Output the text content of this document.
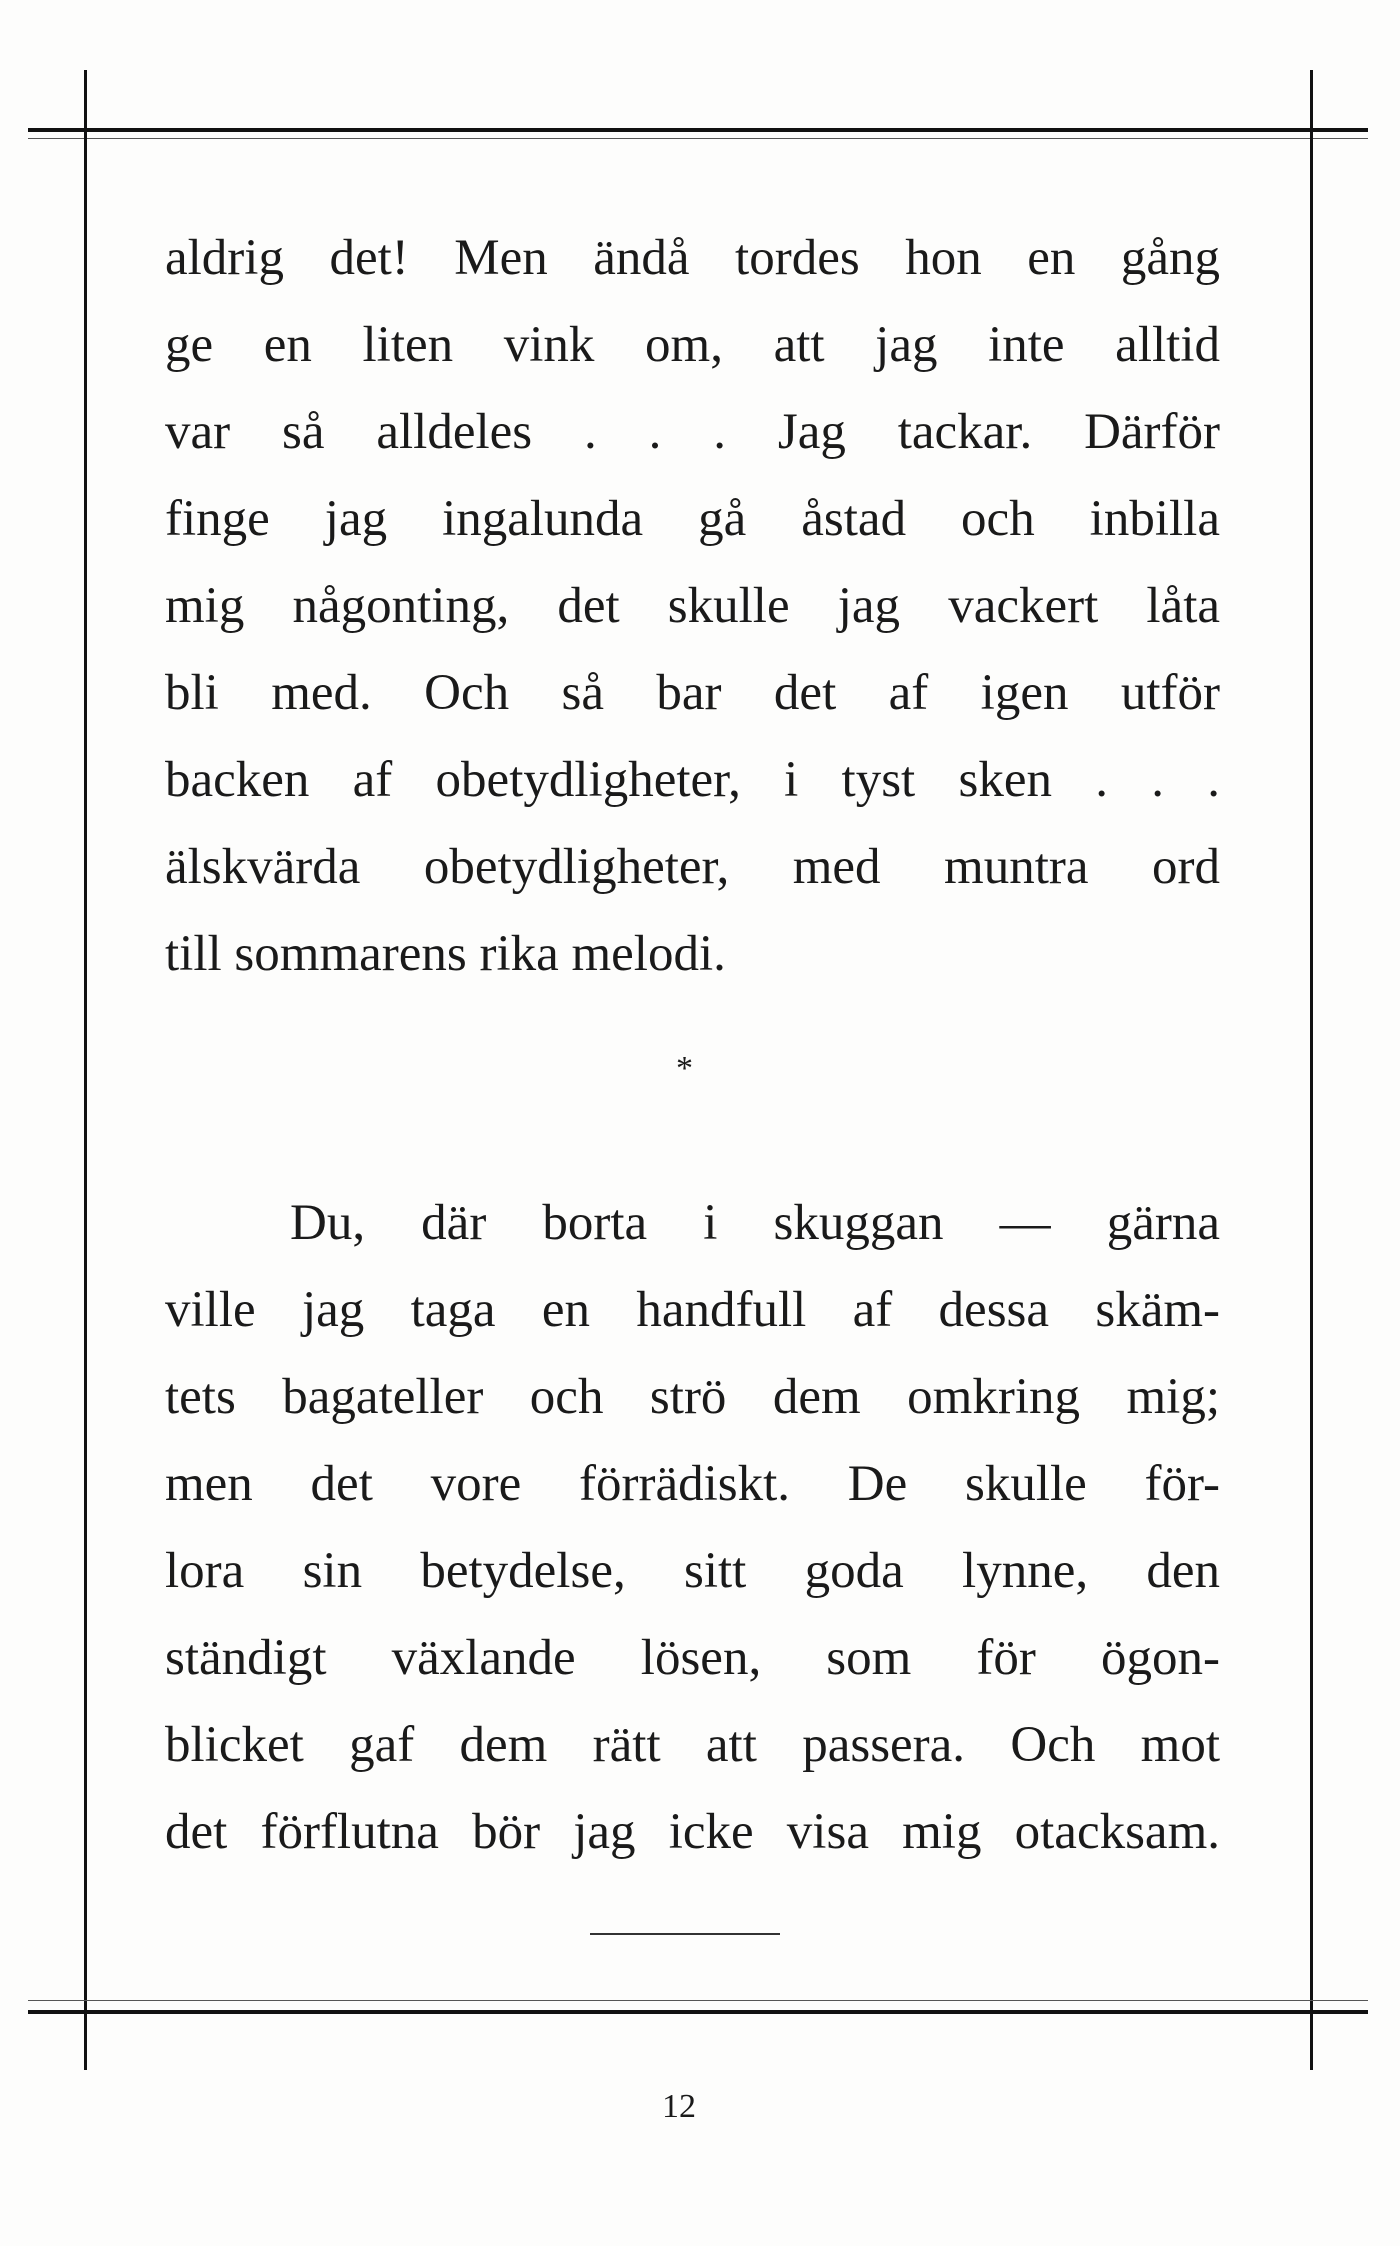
aldrig det! Men ändå tordes hon en gång
ge en liten vink om, att jag inte alltid
var så alldeles . . . Jag tackar. Därför
finge jag ingalunda gå åstad och inbilla
mig någonting, det skulle jag vackert låta
bli med. Och så bar det af igen utför
backen af obetydligheter, i tyst sken . . .
älskvärda obetydligheter, med muntra ord
till sommarens rika melodi.
*
Du, där borta i skuggan — gärna
ville jag taga en handfull af dessa skäm-
tets bagateller och strö dem omkring mig;
men det vore förrädiskt. De skulle för-
lora sin betydelse, sitt goda lynne, den
ständigt växlande lösen, som för ögon-
blicket gaf dem rätt att passera. Och mot
det förflutna bör jag icke visa mig otacksam.
12
